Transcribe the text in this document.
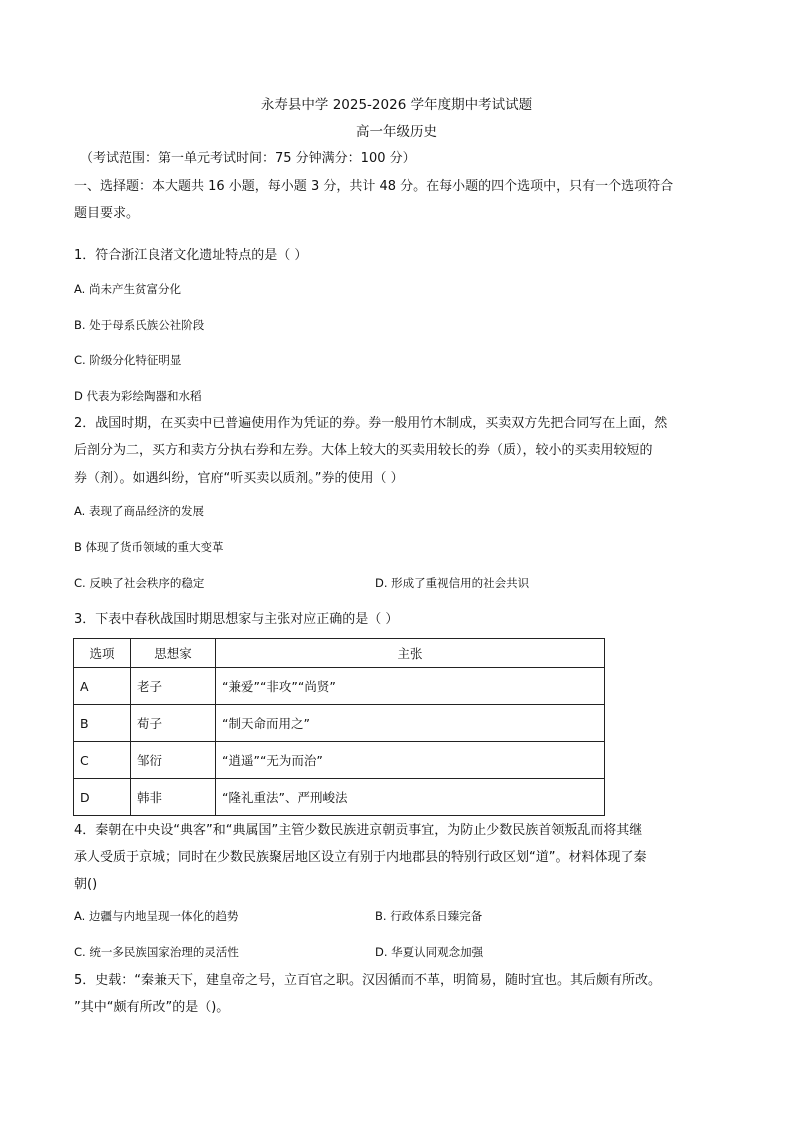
永寿县中学 2025-2026 学年度期中考试试题
高一年级历史
（考试范围：第一单元考试时间：75 分钟满分：100 分）
一、选择题：本大题共 16 小题，每小题 3 分，共计 48 分。在每小题的四个选项中，只有一个选项符合
题目要求。
1．符合浙江良渚文化遗址特点的是（ ）
A. 尚未产生贫富分化
B. 处于母系氏族公社阶段
C. 阶级分化特征明显
D 代表为彩绘陶器和水稻
2．战国时期，在买卖中已普遍使用作为凭证的券。券一般用竹木制成，买卖双方先把合同写在上面，然
后剖分为二，买方和卖方分执右券和左券。大体上较大的买卖用较长的券（质），较小的买卖用较短的
券（剂）。如遇纠纷，官府“听买卖以质剂。”券的使用（ ）
A. 表现了商品经济的发展
B 体现了货币领域的重大变革
C. 反映了社会秩序的稳定	D. 形成了重视信用的社会共识
3．下表中春秋战国时期思想家与主张对应正确的是（ ）
选项	思想家	主张
A	老子	“兼爱”“非攻”“尚贤”
B	荀子	“制天命而用之”
C	邹衍	“逍遥”“无为而治”
D	韩非	“隆礼重法”、严刑峻法
4．秦朝在中央设“典客”和“典属国”主管少数民族进京朝贡事宜，为防止少数民族首领叛乱而将其继
承人受质于京城；同时在少数民族聚居地区设立有别于内地郡县的特别行政区划“道”。材料体现了秦
朝()
A. 边疆与内地呈现一体化的趋势	B. 行政体系日臻完备
C. 统一多民族国家治理的灵活性	D. 华夏认同观念加强
5．史载：“秦兼天下，建皇帝之号，立百官之职。汉因循而不革，明简易，随时宜也。其后颇有所改。
”其中“颇有所改”的是（)。
